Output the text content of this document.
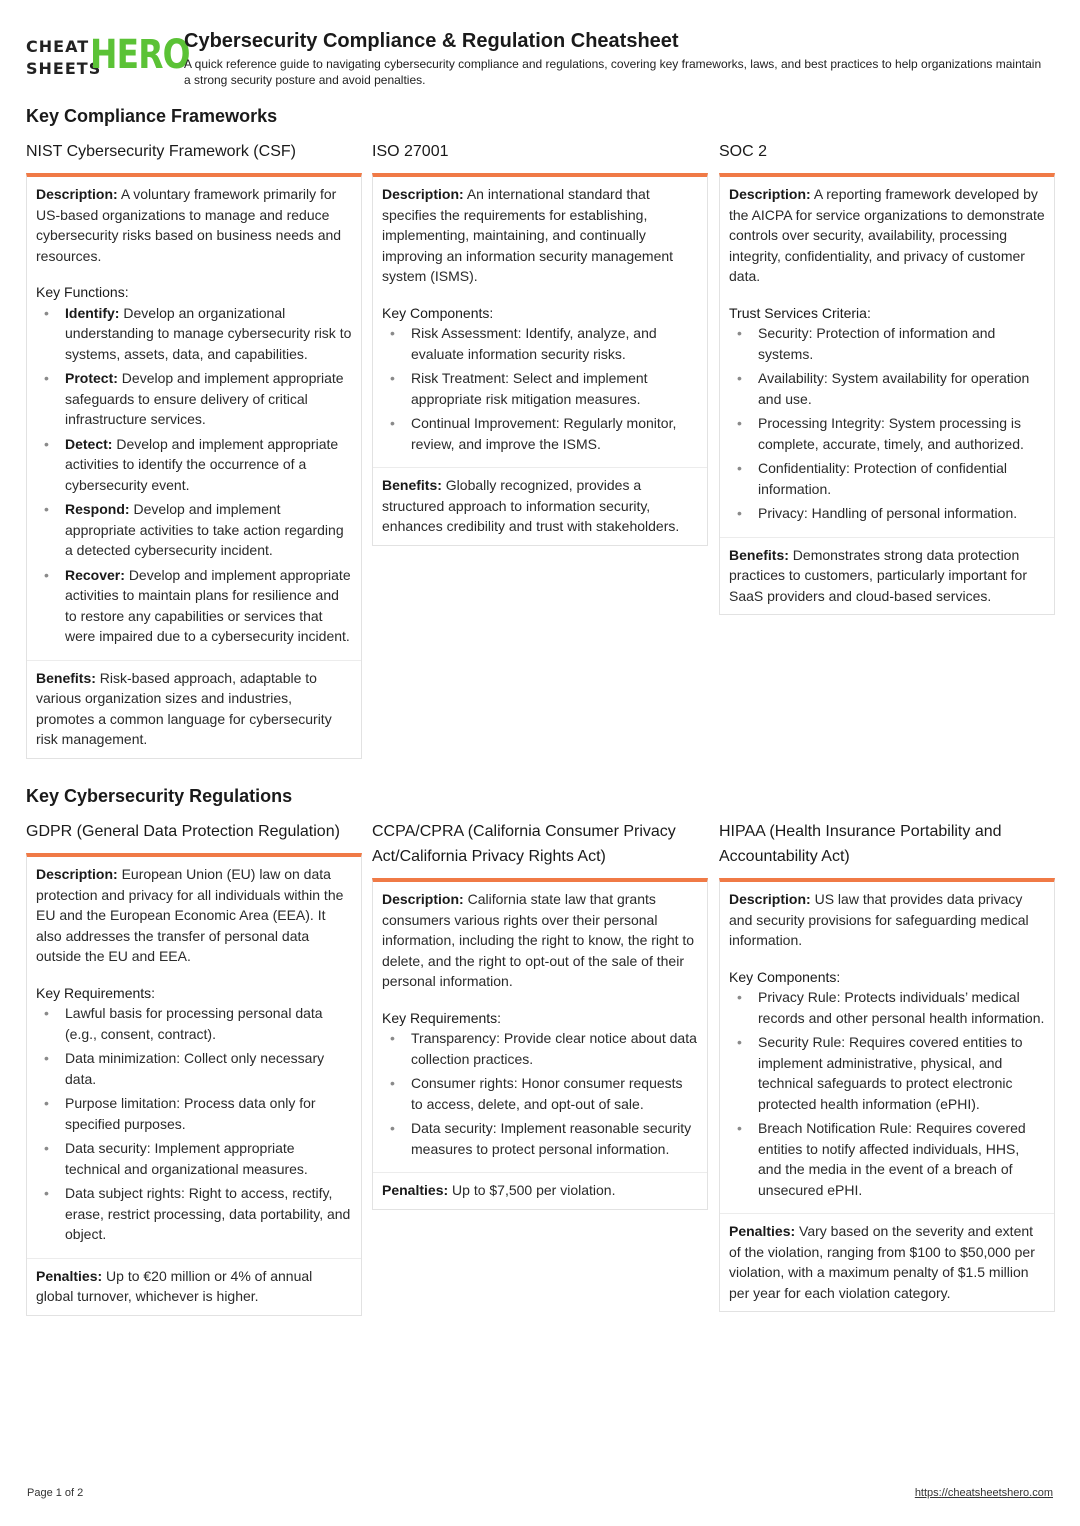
CHEAT
SHEETS
HERO
Cybersecurity Compliance & Regulation Cheatsheet
A quick reference guide to navigating cybersecurity compliance and regulations, covering key frameworks, laws, and best practices to help organizations maintain a strong security posture and avoid penalties.
Key Compliance Frameworks
NIST Cybersecurity Framework (CSF)
Description: A voluntary framework primarily for US-based organizations to manage and reduce cybersecurity risks based on business needs and resources.
Key Functions:
• Identify: Develop an organizational understanding to manage cybersecurity risk to systems, assets, data, and capabilities.
• Protect: Develop and implement appropriate safeguards to ensure delivery of critical infrastructure services.
• Detect: Develop and implement appropriate activities to identify the occurrence of a cybersecurity event.
• Respond: Develop and implement appropriate activities to take action regarding a detected cybersecurity incident.
• Recover: Develop and implement appropriate activities to maintain plans for resilience and to restore any capabilities or services that were impaired due to a cybersecurity incident.
Benefits: Risk-based approach, adaptable to various organization sizes and industries, promotes a common language for cybersecurity risk management.
ISO 27001
Description: An international standard that specifies the requirements for establishing, implementing, maintaining, and continually improving an information security management system (ISMS).
Key Components:
• Risk Assessment: Identify, analyze, and evaluate information security risks.
• Risk Treatment: Select and implement appropriate risk mitigation measures.
• Continual Improvement: Regularly monitor, review, and improve the ISMS.
Benefits: Globally recognized, provides a structured approach to information security, enhances credibility and trust with stakeholders.
SOC 2
Description: A reporting framework developed by the AICPA for service organizations to demonstrate controls over security, availability, processing integrity, confidentiality, and privacy of customer data.
Trust Services Criteria:
• Security: Protection of information and systems.
• Availability: System availability for operation and use.
• Processing Integrity: System processing is complete, accurate, timely, and authorized.
• Confidentiality: Protection of confidential information.
• Privacy: Handling of personal information.
Benefits: Demonstrates strong data protection practices to customers, particularly important for SaaS providers and cloud-based services.
Key Cybersecurity Regulations
GDPR (General Data Protection Regulation)
Description: European Union (EU) law on data protection and privacy for all individuals within the EU and the European Economic Area (EEA). It also addresses the transfer of personal data outside the EU and EEA.
Key Requirements:
• Lawful basis for processing personal data (e.g., consent, contract).
• Data minimization: Collect only necessary data.
• Purpose limitation: Process data only for specified purposes.
• Data security: Implement appropriate technical and organizational measures.
• Data subject rights: Right to access, rectify, erase, restrict processing, data portability, and object.
Penalties: Up to €20 million or 4% of annual global turnover, whichever is higher.
CCPA/CPRA (California Consumer Privacy Act/California Privacy Rights Act)
Description: California state law that grants consumers various rights over their personal information, including the right to know, the right to delete, and the right to opt-out of the sale of their personal information.
Key Requirements:
• Transparency: Provide clear notice about data collection practices.
• Consumer rights: Honor consumer requests to access, delete, and opt-out of sale.
• Data security: Implement reasonable security measures to protect personal information.
Penalties: Up to $7,500 per violation.
HIPAA (Health Insurance Portability and Accountability Act)
Description: US law that provides data privacy and security provisions for safeguarding medical information.
Key Components:
• Privacy Rule: Protects individuals’ medical records and other personal health information.
• Security Rule: Requires covered entities to implement administrative, physical, and technical safeguards to protect electronic protected health information (ePHI).
• Breach Notification Rule: Requires covered entities to notify affected individuals, HHS, and the media in the event of a breach of unsecured ePHI.
Penalties: Vary based on the severity and extent of the violation, ranging from $100 to $50,000 per violation, with a maximum penalty of $1.5 million per year for each violation category.
Page 1 of 2	https://cheatsheetshero.com
